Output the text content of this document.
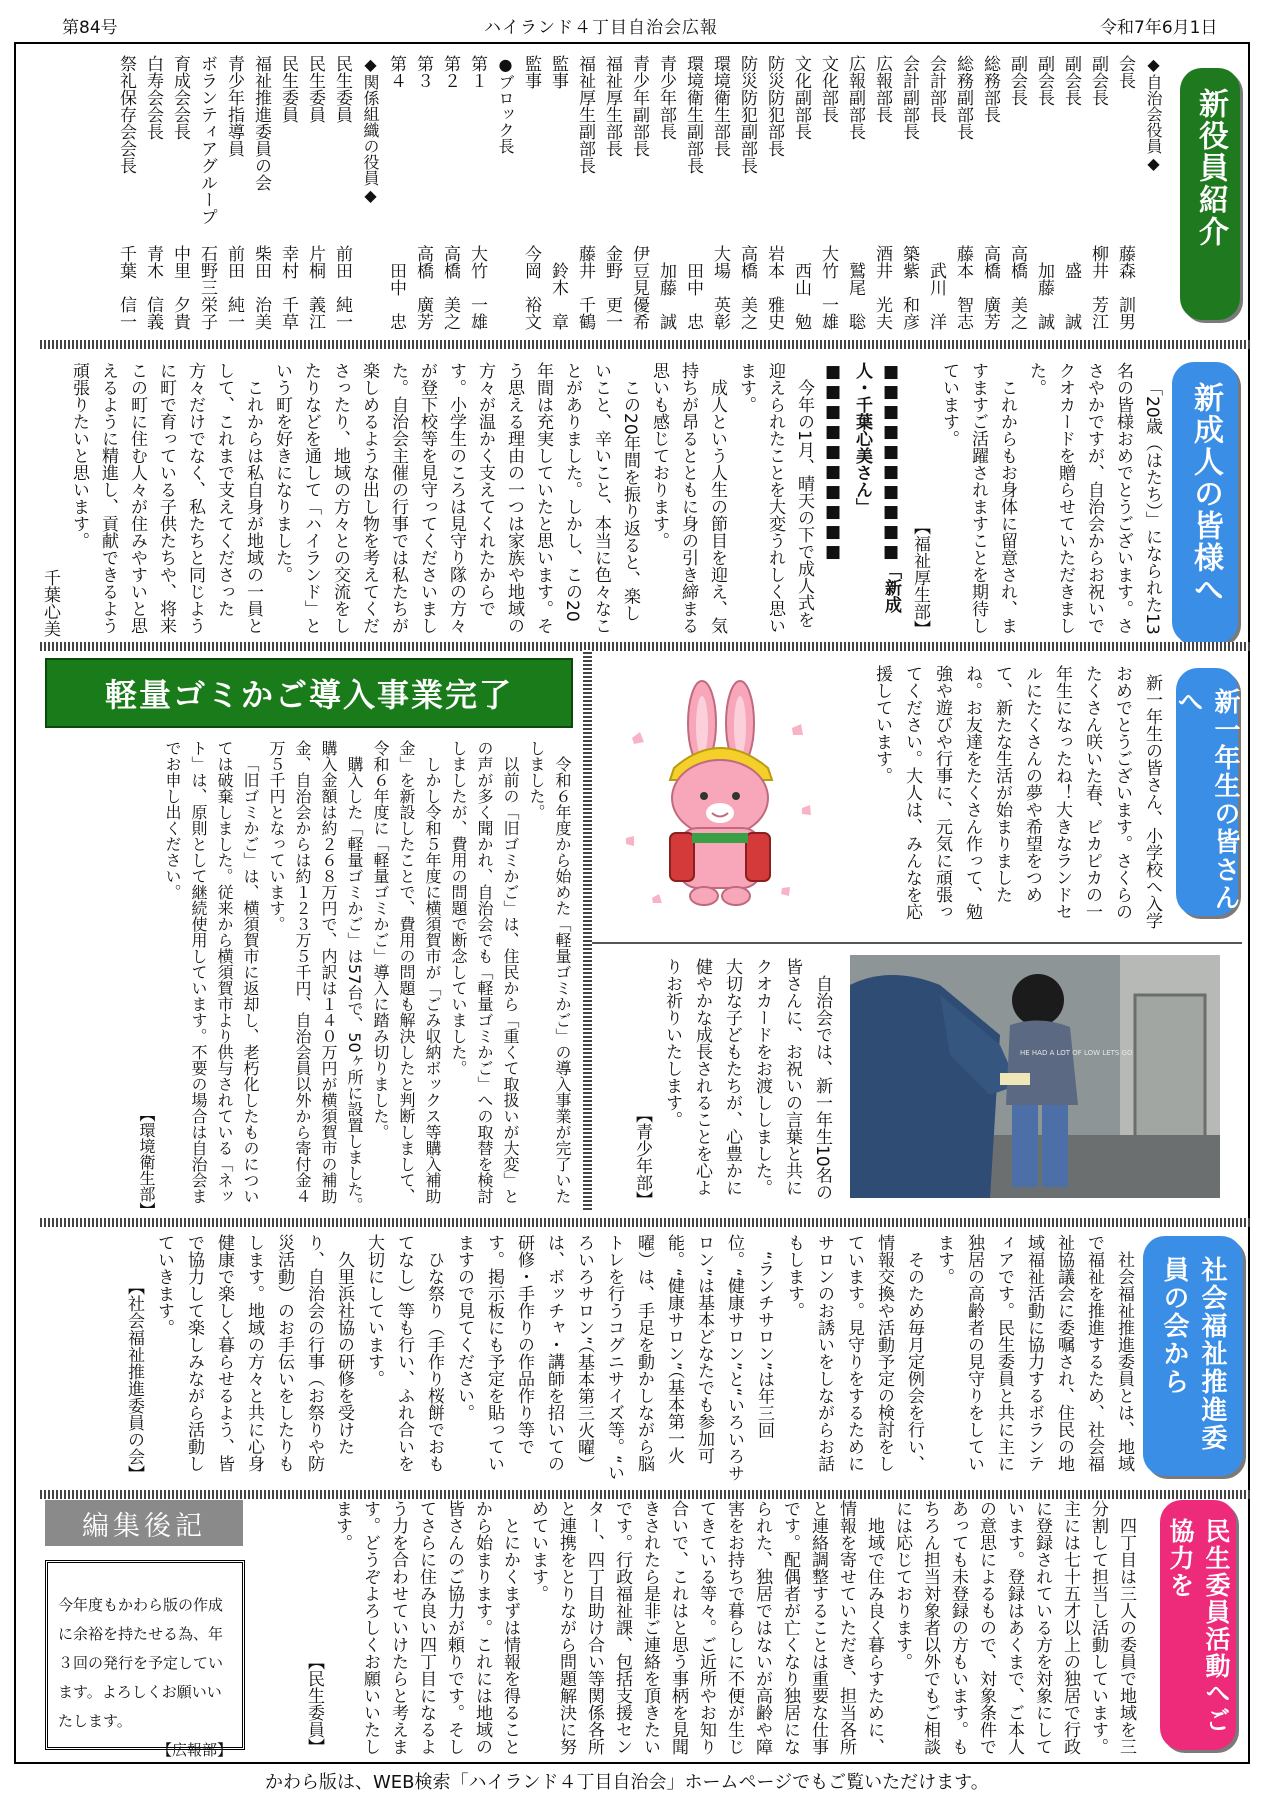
第84号	ハイランド４丁目自治会広報	令和7年6月1日
新役員紹介
◆自治会役員◆
会長
藤森　訓男
副会長
柳井　芳江
副会長
盛　　誠
副会長
加藤　誠
副会長
高橋　美之
総務部長
高橋　廣芳
総務副部長
藤本　智志
会計部長
武川　洋
会計副部長
築紫　和彦
広報部長
酒井　光夫
広報副部長
鷲尾　聡
文化部長
大竹　一雄
文化副部長
西山　勉
防災防犯部長
岩本　雅史
防災防犯副部長
高橋　美之
環境衛生部長
大場　英彰
環境衛生副部長
田中　忠
青少年部長
加藤　誠
青少年副部長
伊豆見優希
福祉厚生部長
金野　更一
福祉厚生副部長
藤井　千鶴
監事
鈴木　章
監事
今岡　裕文
●ブロック長
第１
大竹　一雄
第２
高橋　美之
第３
高橋　廣芳
第４
田中　忠
◆関係組織の役員◆
民生委員
前田　純一
民生委員
片桐　義江
民生委員
幸村　千草
福祉推進委員の会
柴田　治美
青少年指導員
前田　純一
ボランティアグループ
石野三栄子
育成会会長
中里　夕貴
白寿会会長
青木　信義
祭礼保存会会長
千葉　信一
新成人の皆様へ

「20歳（はたち）」になられた13名の皆様おめでとうございます。ささやかですが、自治会からお祝いでクオカードを贈らせていただきました。

これからもお身体に留意され、ますますご活躍されますことを期待しています。

【福祉厚生部】

■■■■■■■■■■「新成人・千葉心美さん」■■■■■■■■■■

今年の1月、晴天の下で成人式を迎えられたことを大変うれしく思います。

成人という人生の節目を迎え、気持ちが昂るとともに身の引き締まる思いも感じております。

この20年間を振り返ると、楽しいこと、辛いこと、本当に色々なことがありました。しかし、この20年間は充実していたと思います。そう思える理由の一つは家族や地域の方々が温かく支えてくれたからです。小学生のころは見守り隊の方々が登下校等を見守ってくださいました。自治会主催の行事では私たちが楽しめるような出し物を考えてくださったり、地域の方々との交流をしたりなどを通して「ハイランド」という町を好きになりました。

これからは私自身が地域の一員として、これまで支えてくださった方々だけでなく、私たちと同じように町で育っている子供たちや、将来この町に住む人々が住みやすいと思えるように精進し、貢献できるよう頑張りたいと思います。

千葉心美

軽量ゴミかご導入事業完了

令和６年度から始めた「軽量ゴミかご」の導入事業が完了いたしました。

以前の「旧ゴミかご」は、住民から「重くて取扱いが大変」との声が多く聞かれ、自治会でも「軽量ゴミかご」への取替を検討しましたが、費用の問題で断念していました。

しかし令和５年度に横須賀市が「ごみ収納ボックス等購入補助金」を新設したことで、費用の問題も解決したと判断しまして、令和６年度に「軽量ゴミかご」導入に踏み切りました。

購入した「軽量ゴミかご」は57台で、50ヶ所に設置しました。購入金額は約２６８万円で、内訳は１４０万円が横須賀市の補助金、自治会からは約１２３万５千円、自治会員以外から寄付金４万５千円となっています。

「旧ゴミかご」は、横須賀市に返却し、老朽化したものについては破棄しました。従来から横須賀市より供与されている「ネット」は、原則として継続使用しています。不要の場合は自治会までお申し出ください。

【環境衛生部】

新一年生の皆さんへ

新一年生の皆さん、小学校へ入学おめでとうございます。さくらのたくさん咲いた春、ピカピカの一年生になったね！大きなランドセルにたくさんの夢や希望をつめて、新たな生活が始まりましたね。お友達をたくさん作って、勉強や遊びや行事に、元気に頑張ってください。大人は、みんなを応援しています。

自治会では、新一年生10名の皆さんに、お祝いの言葉と共にクオカードをお渡ししました。大切な子どもたちが、心豊かに健やかな成長されることを心よりお祈りいたします。

【青少年部】

HE HAD A LOT OF LOW LETS GO
社会福祉推進委員の会から

社会福祉推進委員とは、地域で福祉を推進するため、社会福祉協議会に委嘱され、住民の地域福祉活動に協力するボランティアです。民生委員と共に主に独居の高齢者の見守りをしています。

そのため毎月定例会を行い、情報交換や活動予定の検討をしています。見守りをするためにサロンのお誘いをしながらお話もします。

“ランチサロン”は年三回位。“健康サロン”と“いろいろサロン”は基本どなたでも参加可能。“健康サロン”（基本第一火曜）は、手足を動かしながら脳トレを行うコグニサイズ等。“いろいろサロン”（基本第三火曜）は、ボッチャ・講師を招いての研修・手作りの作品作り等です。掲示板にも予定を貼っていますので見てください。

ひな祭り（手作り桜餅でおもてなし）等も行い、ふれ合いを大切にしています。

久里浜社協の研修を受けたり、自治会の行事（お祭りや防災活動）のお手伝いをしたりもします。地域の方々と共に心身健康で楽しく暮らせるよう、皆で協力して楽しみながら活動していきます。

【社会福祉推進委員の会】

民生委員活動へご協力を

四丁目は三人の委員で地域を三分割して担当し活動しています。主には七十五才以上の独居で行政に登録されている方を対象にしています。登録はあくまで、ご本人の意思によるもので、対象条件であっても未登録の方もいます。もちろん担当対象者以外でもご相談には応じております。

地域で住み良く暮らすために、情報を寄せていただき、担当各所と連絡調整することは重要な仕事です。配偶者が亡くなり独居になられた、独居ではないが高齢や障害をお持ちで暮らしに不便が生じてきている等々。ご近所やお知り合いで、これはと思う事柄を見聞きされたら是非ご連絡を頂きたいです。行政福祉課、包括支援センター、四丁目助け合い等関係各所と連携をとりながら問題解決に努めています。

とにかくまずは情報を得ることから始まります。これには地域の皆さんのご協力が頼りです。そしてさらに住み良い四丁目になるよう力を合わせていけたらと考えます。どうぞよろしくお願いいたします。

【民生委員】

編集後記
今年度もかわら版の作成に余裕を持たせる為、年３回の発行を予定しています。よろしくお願いいたします。
【広報部】
かわら版は、WEB検索「ハイランド４丁目自治会」ホームページでもご覧いただけます。
